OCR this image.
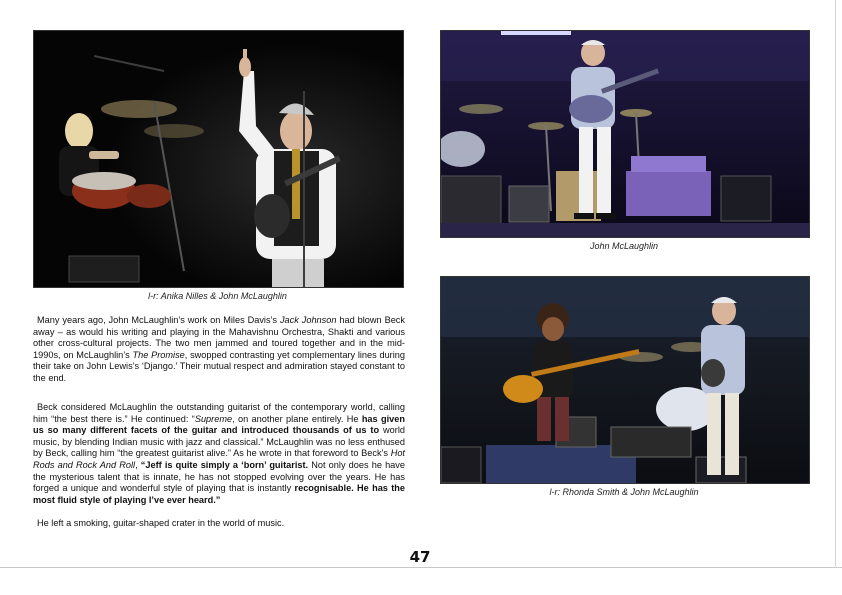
l-r: Anika Nilles & John McLaughlin
John McLaughlin
l-r: Rhonda Smith & John McLaughlin

Many years ago, John McLaughlin’s work on Miles Davis’s Jack Johnson had blown Beck away – as would his writing and playing in the Mahavishnu Orchestra, Shakti and various other cross-cultural projects. The two men jammed and toured together and in the mid-1990s, on McLaughlin’s The Promise, swopped contrasting yet complementary lines during their take on John Lewis’s ‘Django.’ Their mutual respect and admiration stayed constant to the end.

Beck considered McLaughlin the outstanding guitarist of the contemporary world, calling him “the best there is.” He continued: “Supreme, on another plane entirely. He has given us so many different facets of the guitar and introduced thousands of us to world music, by blending Indian music with jazz and classical.” McLaughlin was no less enthused by Beck, calling him “the greatest guitarist alive.” As he wrote in that foreword to Beck’s Hot Rods and Rock And Roll, “Jeff is quite simply a ‘born’ guitarist. Not only does he have the mysterious talent that is innate, he has not stopped evolving over the years. He has forged a unique and wonderful style of playing that is instantly recognisable. He has the most fluid style of playing I’ve ever heard.”

He left a smoking, guitar-shaped crater in the world of music.

47
